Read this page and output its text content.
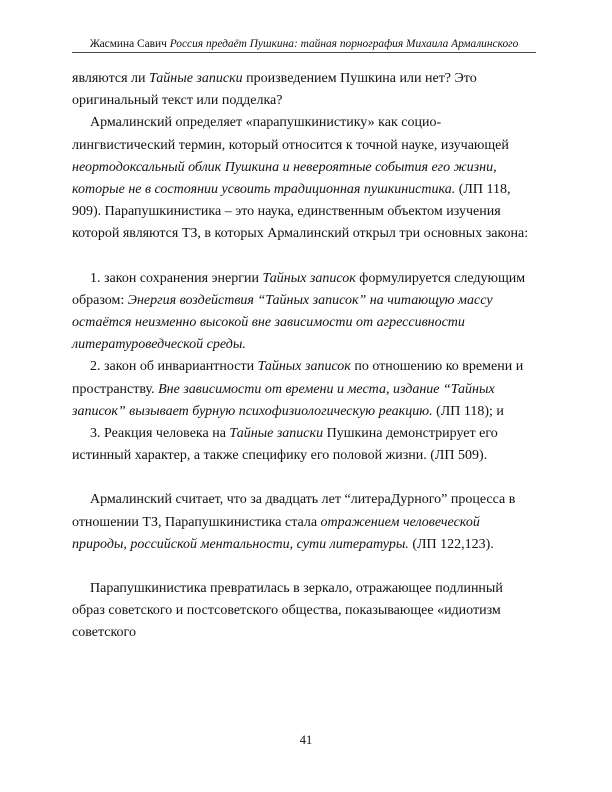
Жасмина Савич Россия предаёт Пушкина: тайная порнография Михаила Армалинского

являются ли Тайные записки произведением Пушкина или нет? Это оригинальный текст или подделка?

Армалинский определяет «парапушкинистику» как социо-лингвистический термин, который относится к точной науке, изучающей неортодоксальный облик Пушкина и невероятные события его жизни, которые не в состоянии усвоить традиционная пушкинистика. (ЛП 118, 909). Парапушкинистика – это наука, единственным объектом изучения которой являются ТЗ, в которых Армалинский открыл три основных закона:

1. закон сохранения энергии Тайных записок формулируется следующим образом: Энергия воздействия “Тайных записок” на читающую массу остаётся неизменно высокой вне зависимости от агрессивности литературоведческой среды.

2. закон об инвариантности Тайных записок по отношению ко времени и пространству. Вне зависимости от времени и места, издание “Тайных записок” вызывает бурную психофизиологическую реакцию. (ЛП 118); и

3. Реакция человека на Тайные записки Пушкина демонстрирует его истинный характер, а также специфику его половой жизни. (ЛП 509).

Армалинский считает, что за двадцать лет “литераДурного” процесса в отношении ТЗ, Парапушкинистика стала отражением человеческой природы, российской ментальности, сути литературы. (ЛП 122,123).

Парапушкинистика превратилась в зеркало, отражающее подлинный образ советского и постсоветского общества, показывающее «идиотизм советского

41
